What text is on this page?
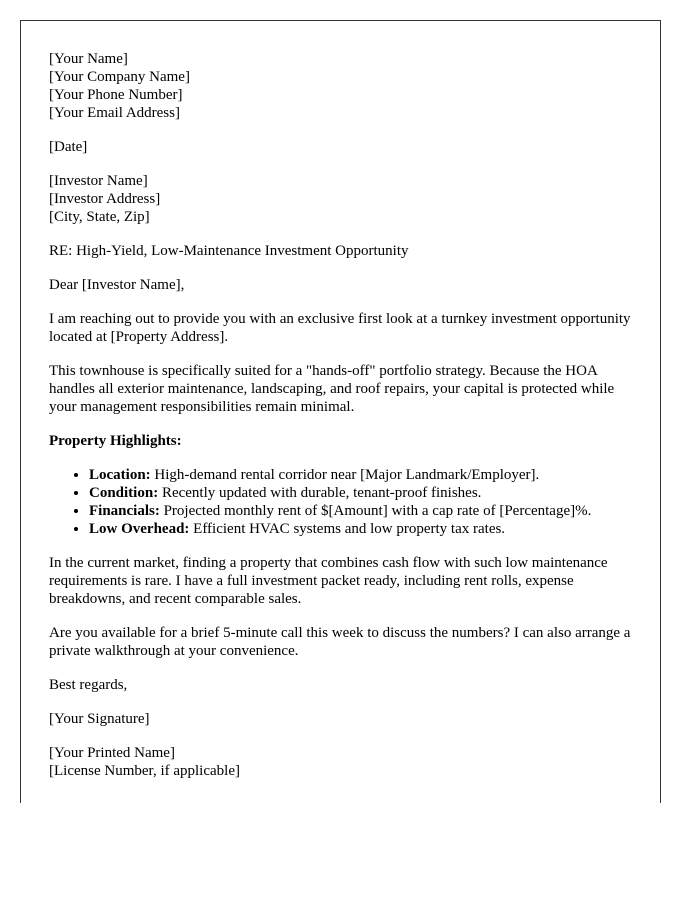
[Your Name]
[Your Company Name]
[Your Phone Number]
[Your Email Address]

[Date]

[Investor Name]
[Investor Address]
[City, State, Zip]

RE: High-Yield, Low-Maintenance Investment Opportunity

Dear [Investor Name],

I am reaching out to provide you with an exclusive first look at a turnkey investment opportunity located at [Property Address].

This townhouse is specifically suited for a "hands-off" portfolio strategy. Because the HOA handles all exterior maintenance, landscaping, and roof repairs, your capital is protected while your management responsibilities remain minimal.

Property Highlights:

• Location: High-demand rental corridor near [Major Landmark/Employer].
• Condition: Recently updated with durable, tenant-proof finishes.
• Financials: Projected monthly rent of $[Amount] with a cap rate of [Percentage]%.
• Low Overhead: Efficient HVAC systems and low property tax rates.

In the current market, finding a property that combines cash flow with such low maintenance requirements is rare. I have a full investment packet ready, including rent rolls, expense breakdowns, and recent comparable sales.

Are you available for a brief 5-minute call this week to discuss the numbers? I can also arrange a private walkthrough at your convenience.

Best regards,

[Your Signature]

[Your Printed Name]
[License Number, if applicable]
